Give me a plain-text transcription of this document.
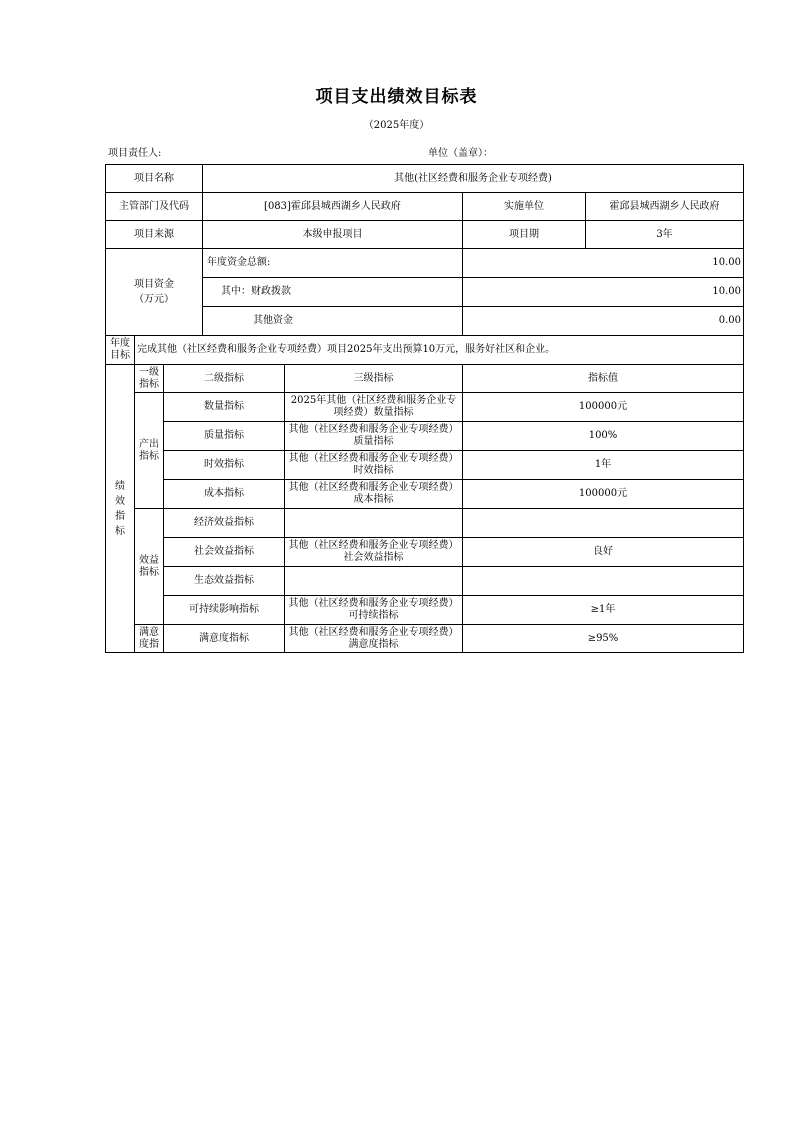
项目支出绩效目标表
（2025年度）
项目责任人:	单位（盖章）：
项目名称			其他(社区经费和服务企业专项经费)			
主管部门及代码			[083]霍邱县城西湖乡人民政府		实施单位	霍邱县城西湖乡人民政府
项目来源			本级申报项目		项目期	3年
项目资金
（万元）			年度资金总额:		10.00	
			其中：财政拨款		10.00	
			其他资金		0.00	
年度目标	完成其他（社区经费和服务企业专项经费）项目2025年支出预算10万元，服务好社区和企业。					
绩效指标	一级指标	二级指标		三级指标	指标值	
	产出指标	数量指标		2025年其他（社区经费和服务企业专项经费）数量指标	100000元	
		质量指标		其他（社区经费和服务企业专项经费）质量指标	100%	
		时效指标		其他（社区经费和服务企业专项经费）时效指标	1年	
		成本指标		其他（社区经费和服务企业专项经费）成本指标	100000元	
	效益指标	经济效益指标				
		社会效益指标		其他（社区经费和服务企业专项经费）社会效益指标	良好	
		生态效益指标				
		可持续影响指标		其他（社区经费和服务企业专项经费）可持续指标	≥1年	
	满意度指	满意度指标		其他（社区经费和服务企业专项经费）满意度指标	≥95%	
